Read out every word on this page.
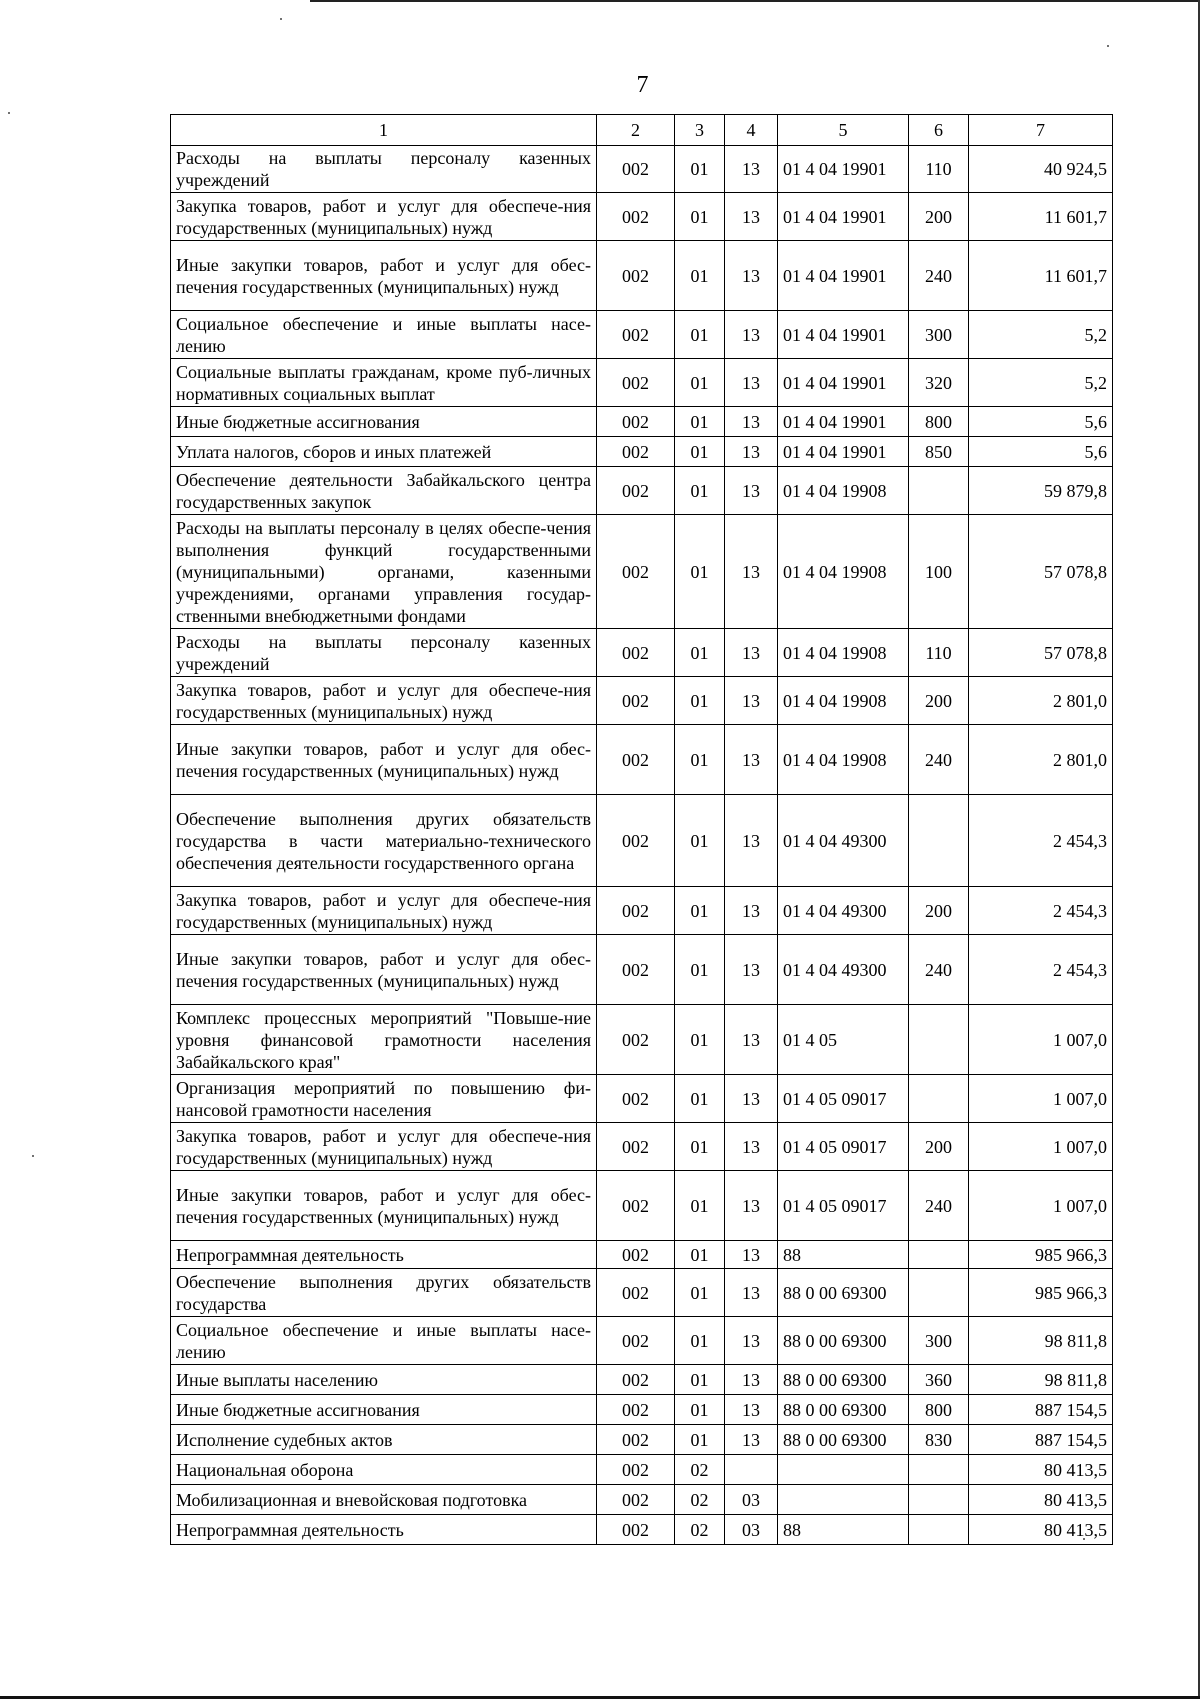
7
1	2	3	4	5	6	7
Расходы на выплаты персоналу казенных учреждений	002	01	13	01 4 04 19901	110	40 924,5
Закупка товаров, работ и услуг для обеспече-ния государственных (муниципальных) нужд	002	01	13	01 4 04 19901	200	11 601,7
Иные закупки товаров, работ и услуг для обес-печения государственных (муниципальных) нужд	002	01	13	01 4 04 19901	240	11 601,7
Социальное обеспечение и иные выплаты насе-лению	002	01	13	01 4 04 19901	300	5,2
Социальные выплаты гражданам, кроме пуб-личных нормативных социальных выплат	002	01	13	01 4 04 19901	320	5,2
Иные бюджетные ассигнования	002	01	13	01 4 04 19901	800	5,6
Уплата налогов, сборов и иных платежей	002	01	13	01 4 04 19901	850	5,6
Обеспечение деятельности Забайкальского центра государственных закупок	002	01	13	01 4 04 19908		59 879,8
Расходы на выплаты персоналу в целях обеспе-чения выполнения функций государственными (муниципальными) органами, казенными учреждениями, органами управления государ-ственными внебюджетными фондами	002	01	13	01 4 04 19908	100	57 078,8
Расходы на выплаты персоналу казенных учреждений	002	01	13	01 4 04 19908	110	57 078,8
Закупка товаров, работ и услуг для обеспече-ния государственных (муниципальных) нужд	002	01	13	01 4 04 19908	200	2 801,0
Иные закупки товаров, работ и услуг для обес-печения государственных (муниципальных) нужд	002	01	13	01 4 04 19908	240	2 801,0
Обеспечение выполнения других обязательств государства в части материально-технического обеспечения деятельности государственного органа	002	01	13	01 4 04 49300		2 454,3
Закупка товаров, работ и услуг для обеспече-ния государственных (муниципальных) нужд	002	01	13	01 4 04 49300	200	2 454,3
Иные закупки товаров, работ и услуг для обес-печения государственных (муниципальных) нужд	002	01	13	01 4 04 49300	240	2 454,3
Комплекс процессных мероприятий "Повыше-ние уровня финансовой грамотности населения Забайкальского края"	002	01	13	01 4 05		1 007,0
Организация мероприятий по повышению фи-нансовой грамотности населения	002	01	13	01 4 05 09017		1 007,0
Закупка товаров, работ и услуг для обеспече-ния государственных (муниципальных) нужд	002	01	13	01 4 05 09017	200	1 007,0
Иные закупки товаров, работ и услуг для обес-печения государственных (муниципальных) нужд	002	01	13	01 4 05 09017	240	1 007,0
Непрограммная деятельность	002	01	13	88		985 966,3
Обеспечение выполнения других обязательств государства	002	01	13	88 0 00 69300		985 966,3
Социальное обеспечение и иные выплаты насе-лению	002	01	13	88 0 00 69300	300	98 811,8
Иные выплаты населению	002	01	13	88 0 00 69300	360	98 811,8
Иные бюджетные ассигнования	002	01	13	88 0 00 69300	800	887 154,5
Исполнение судебных актов	002	01	13	88 0 00 69300	830	887 154,5
Национальная оборона	002	02				80 413,5
Мобилизационная и вневойсковая подготовка	002	02	03			80 413,5
Непрограммная деятельность	002	02	03	88		80 413,5
